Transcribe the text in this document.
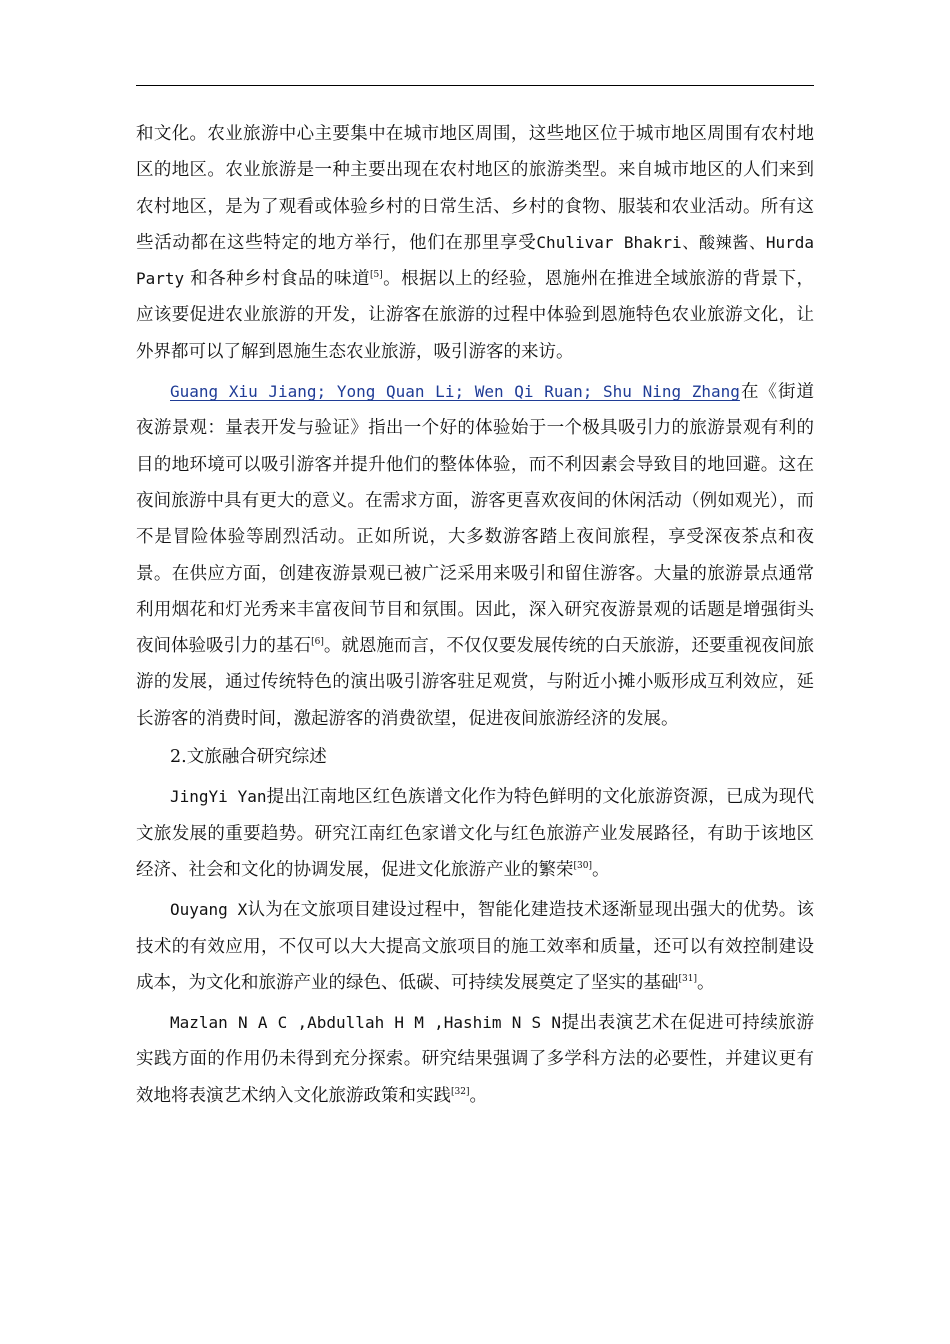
和文化。农业旅游中心主要集中在城市地区周围，这些地区位于城市地区周围有农村地区的地区。农业旅游是一种主要出现在农村地区的旅游类型。来自城市地区的人们来到农村地区，是为了观看或体验乡村的日常生活、乡村的食物、服装和农业活动。所有这些活动都在这些特定的地方举行，他们在那里享受Chulivar Bhakri、酸辣酱、Hurda Party 和各种乡村食品的味道[5]。根据以上的经验，恩施州在推进全域旅游的背景下，应该要促进农业旅游的开发，让游客在旅游的过程中体验到恩施特色农业旅游文化，让外界都可以了解到恩施生态农业旅游，吸引游客的来访。

Guang Xiu Jiang; Yong Quan Li; Wen Qi Ruan; Shu Ning Zhang在《街道夜游景观：量表开发与验证》指出一个好的体验始于一个极具吸引力的旅游景观有利的目的地环境可以吸引游客并提升他们的整体体验，而不利因素会导致目的地回避。这在夜间旅游中具有更大的意义。在需求方面，游客更喜欢夜间的休闲活动（例如观光），而不是冒险体验等剧烈活动。正如所说，大多数游客踏上夜间旅程，享受深夜茶点和夜景。在供应方面，创建夜游景观已被广泛采用来吸引和留住游客。大量的旅游景点通常利用烟花和灯光秀来丰富夜间节目和氛围。因此，深入研究夜游景观的话题是增强街头夜间体验吸引力的基石[6]。就恩施而言，不仅仅要发展传统的白天旅游，还要重视夜间旅游的发展，通过传统特色的演出吸引游客驻足观赏，与附近小摊小贩形成互利效应，延长游客的消费时间，激起游客的消费欲望，促进夜间旅游经济的发展。

2.文旅融合研究综述

JingYi Yan提出江南地区红色族谱文化作为特色鲜明的文化旅游资源，已成为现代文旅发展的重要趋势。研究江南红色家谱文化与红色旅游产业发展路径，有助于该地区经济、社会和文化的协调发展，促进文化旅游产业的繁荣[30]。

Ouyang X认为在文旅项目建设过程中，智能化建造技术逐渐显现出强大的优势。该技术的有效应用，不仅可以大大提高文旅项目的施工效率和质量，还可以有效控制建设成本，为文化和旅游产业的绿色、低碳、可持续发展奠定了坚实的基础[31]。

Mazlan N A C ,Abdullah H M ,Hashim N S N提出表演艺术在促进可持续旅游实践方面的作用仍未得到充分探索。研究结果强调了多学科方法的必要性，并建议更有效地将表演艺术纳入文化旅游政策和实践[32]。
